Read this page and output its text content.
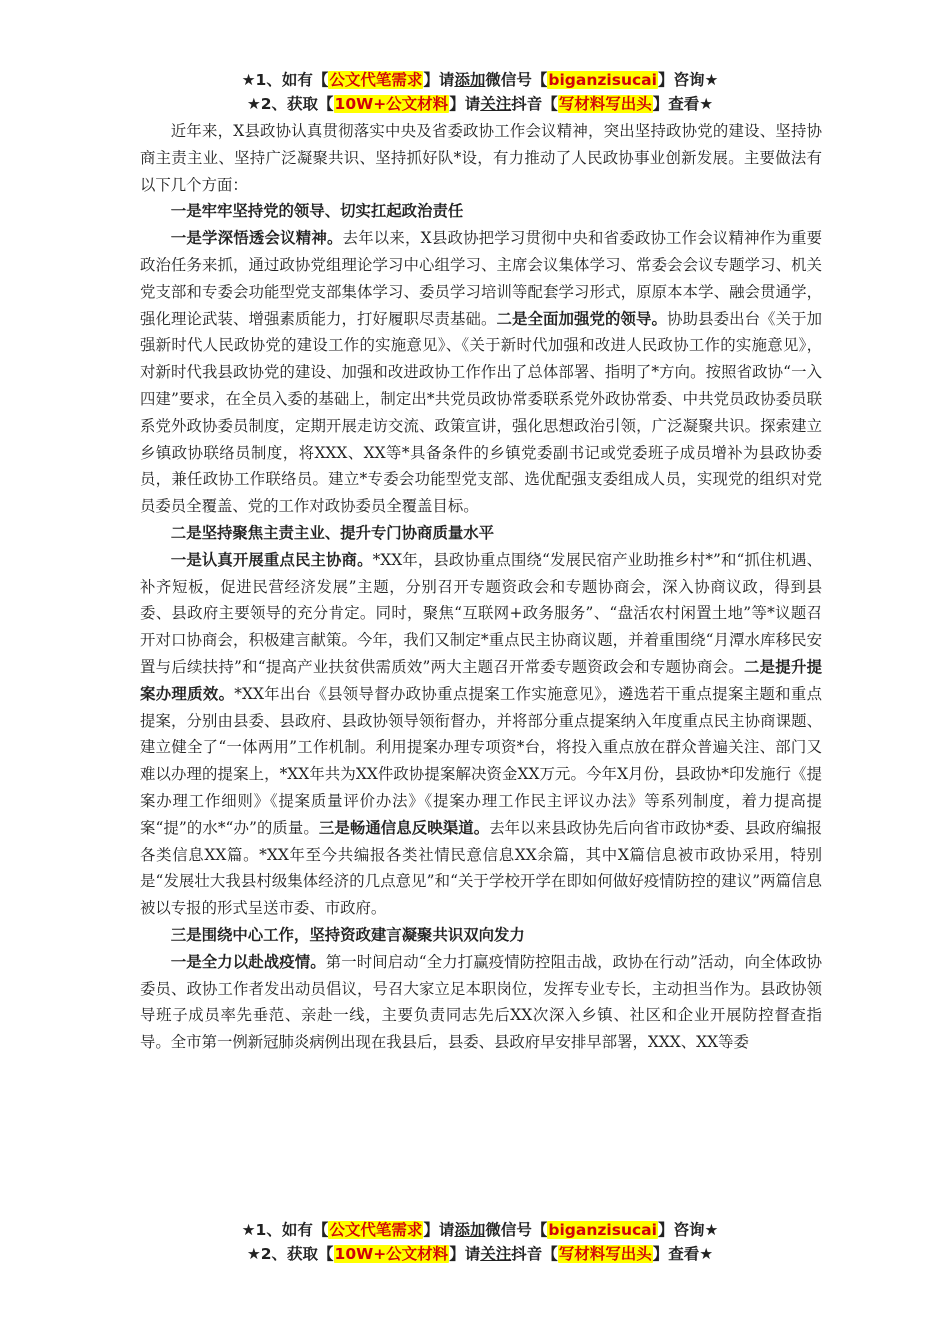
★1、如有【公文代笔需求】请添加微信号【biganzisucai】咨询★
★2、获取【10W+公文材料】请关注抖音【写材料写出头】查看★

近年来，X县政协认真贯彻落实中央及省委政协工作会议精神，突出坚持政协党的建设、坚持协商主责主业、坚持广泛凝聚共识、坚持抓好队*设，有力推动了人民政协事业创新发展。主要做法有以下几个方面：

一是牢牢坚持党的领导、切实扛起政治责任

一是学深悟透会议精神。去年以来，X县政协把学习贯彻中央和省委政协工作会议精神作为重要政治任务来抓，通过政协党组理论学习中心组学习、主席会议集体学习、常委会会议专题学习、机关党支部和专委会功能型党支部集体学习、委员学习培训等配套学习形式，原原本本学、融会贯通学，强化理论武装、增强素质能力，打好履职尽责基础。二是全面加强党的领导。协助县委出台《关于加强新时代人民政协党的建设工作的实施意见》、《关于新时代加强和改进人民政协工作的实施意见》，对新时代我县政协党的建设、加强和改进政协工作作出了总体部署、指明了*方向。按照省政协“一入四建”要求，在全员入委的基础上，制定出*共党员政协常委联系党外政协常委、中共党员政协委员联系党外政协委员制度，定期开展走访交流、政策宣讲，强化思想政治引领，广泛凝聚共识。探索建立乡镇政协联络员制度，将XXX、XX等*具备条件的乡镇党委副书记或党委班子成员增补为县政协委员，兼任政协工作联络员。建立*专委会功能型党支部、选优配强支委组成人员，实现党的组织对党员委员全覆盖、党的工作对政协委员全覆盖目标。

二是坚持聚焦主责主业、提升专门协商质量水平

一是认真开展重点民主协商。*XX年，县政协重点围绕“发展民宿产业助推乡村*”和“抓住机遇、补齐短板，促进民营经济发展”主题，分别召开专题资政会和专题协商会，深入协商议政，得到县委、县政府主要领导的充分肯定。同时，聚焦“互联网+政务服务”、“盘活农村闲置土地”等*议题召开对口协商会，积极建言献策。今年，我们又制定*重点民主协商议题，并着重围绕“月潭水库移民安置与后续扶持”和“提高产业扶贫供需质效”两大主题召开常委专题资政会和专题协商会。二是提升提案办理质效。*XX年出台《县领导督办政协重点提案工作实施意见》，遴选若干重点提案主题和重点提案，分别由县委、县政府、县政协领导领衔督办，并将部分重点提案纳入年度重点民主协商课题、建立健全了“一体两用”工作机制。利用提案办理专项资*台，将投入重点放在群众普遍关注、部门又难以办理的提案上，*XX年共为XX件政协提案解决资金XX万元。今年X月份，县政协*印发施行《提案办理工作细则》《提案质量评价办法》《提案办理工作民主评议办法》等系列制度，着力提高提案“提”的水*“办”的质量。三是畅通信息反映渠道。去年以来县政协先后向省市政协*委、县政府编报各类信息XX篇。*XX年至今共编报各类社情民意信息XX余篇，其中X篇信息被市政协采用，特别是“发展壮大我县村级集体经济的几点意见”和“关于学校开学在即如何做好疫情防控的建议”两篇信息被以专报的形式呈送市委、市政府。

三是围绕中心工作，坚持资政建言凝聚共识双向发力

一是全力以赴战疫情。第一时间启动“全力打赢疫情防控阻击战，政协在行动”活动，向全体政协委员、政协工作者发出动员倡议，号召大家立足本职岗位，发挥专业专长，主动担当作为。县政协领导班子成员率先垂范、亲赴一线，主要负责同志先后XX次深入乡镇、社区和企业开展防控督查指导。全市第一例新冠肺炎病例出现在我县后，县委、县政府早安排早部署，XXX、XX等委

★1、如有【公文代笔需求】请添加微信号【biganzisucai】咨询★
★2、获取【10W+公文材料】请关注抖音【写材料写出头】查看★
